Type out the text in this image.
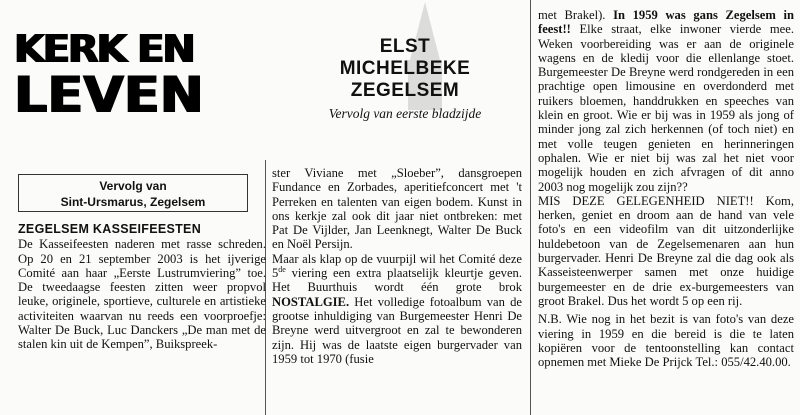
KERK EN
LEVEN
ELST
MICHELBEKE
ZEGELSEM
Vervolg van eerste bladzijde
Vervolg van
Sint-Ursmarus, Zegelsem
ZEGELSEM KASSEIFEESTEN

De Kasseifeesten naderen met rasse schreden. Op 20 en 21 september 2003 is het ijverige Comité aan haar „Eerste Lustrumviering” toe. De tweedaagse feesten zitten weer propvol leuke, originele, sportieve, culturele en artistieke activiteiten waarvan nu reeds een voorproefje: Walter De Buck, Luc Danckers „De man met de stalen kin uit de Kempen”, Buikspreek-

ster Viviane met „Sloeber”, dansgroepen Fundance en Zorbades, aperitiefconcert met 't Perreken en talenten van eigen bodem. Kunst in ons kerkje zal ook dit jaar niet ontbreken: met Pat De Vijlder, Jan Leenknegt, Walter De Buck en Noël Persijn.

Maar als klap op de vuurpijl wil het Comité deze 5de viering een extra plaatselijk kleurtje geven. Het Buurthuis wordt één grote brok NOSTALGIE. Het volledige fotoalbum van de grootse inhuldiging van Burgemeester Henri De Breyne werd uitvergroot en zal te bewonderen zijn. Hij was de laatste eigen burgervader van 1959 tot 1970 (fusie

met Brakel). In 1959 was gans Zegelsem in feest!! Elke straat, elke inwoner vierde mee. Weken voorbereiding was er aan de originele wagens en de kledij voor die ellenlange stoet. Burgemeester De Breyne werd rondgereden in een prachtige open limousine en overdonderd met ruikers bloemen, handdrukken en speeches van klein en groot. Wie er bij was in 1959 als jong of minder jong zal zich herkennen (of toch niet) en met volle teugen genieten en herinneringen ophalen. Wie er niet bij was zal het niet voor mogelijk houden en zich afvragen of dit anno 2003 nog mogelijk zou zijn??

MIS DEZE GELEGENHEID NIET!! Kom, herken, geniet en droom aan de hand van vele foto's en een videofilm van dit uitzonderlijke huldebetoon van de Zegelsemenaren aan hun burgervader. Henri De Breyne zal die dag ook als Kasseisteenwerper samen met onze huidige burgemeester en de drie ex-burgemeesters van groot Brakel. Dus het wordt 5 op een rij.

N.B. Wie nog in het bezit is van foto's van deze viering in 1959 en die bereid is die te laten kopiëren voor de tentoonstelling kan contact opnemen met Mieke De Prijck Tel.: 055/42.40.00.
